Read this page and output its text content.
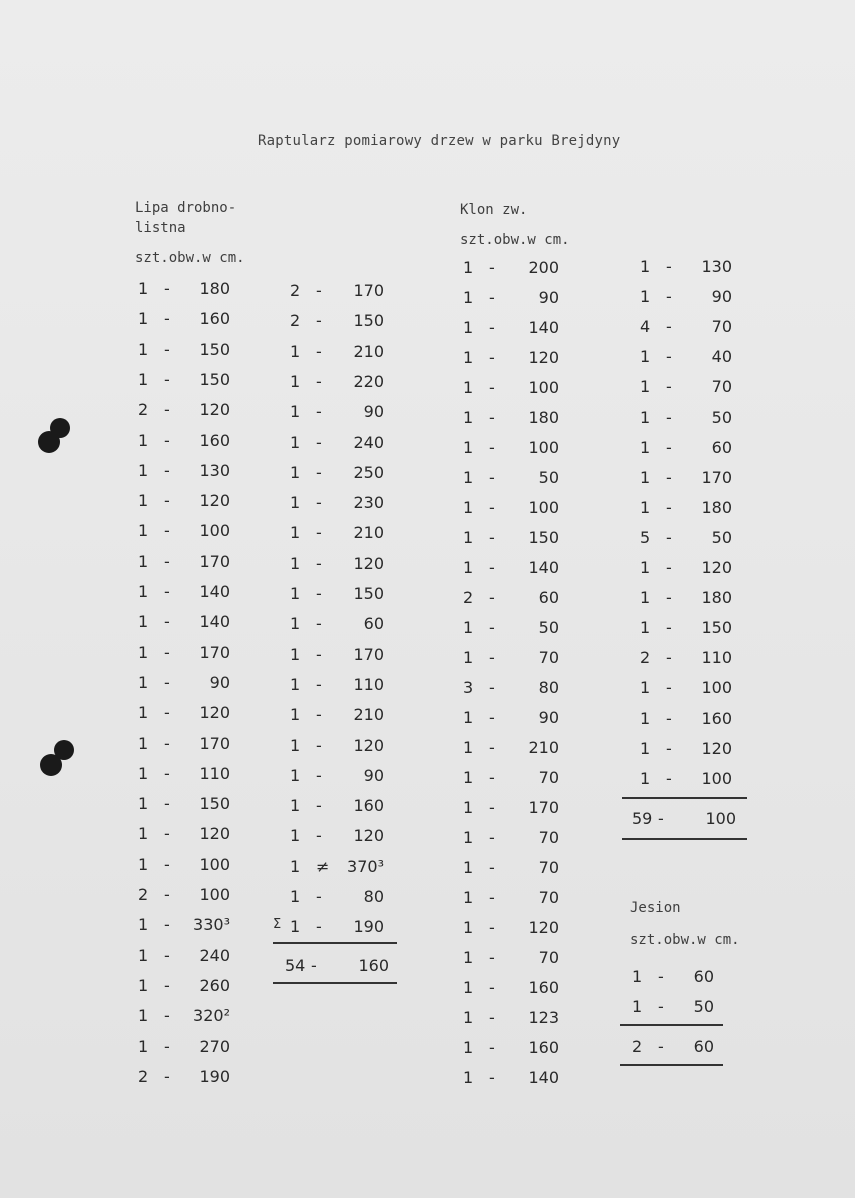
Raptularz pomiarowy drzew w parku Brejdyny
Lipa drobno-
listna
szt.obw.w cm.
Klon zw.
szt.obw.w cm.
Jesion
szt.obw.w cm.
1 - 180
1 - 160
1 - 150
1 - 150
2 - 120
1 - 160
1 - 130
1 - 120
1 - 100
1 - 170
1 - 140
1 - 140
1 - 170
1 - 90
1 - 120
1 - 170
1 - 110
1 - 150
1 - 120
1 - 100
2 - 100
1 - 330³
1 - 240
1 - 260
1 - 320²
1 - 270
2 - 190
2 - 170
2 - 150
1 - 210
1 - 220
1 -	90
1 - 240
1 - 250
1 - 230
1 - 210
1 - 120
1 - 150
1 -	60
1 - 170
1 - 110
1 - 210
1 - 120
1 -	90
1 - 160
1 - 120
1 ≠ 370³
1 -	80
1 - 190
54 -	160
1 - 200
1 -	90
1 - 140
1 - 120
1 - 100
1 - 180
1 - 100
1 -	50
1 - 100
1 - 150
1 - 140
2 -	60
1 -	50
1 -	70
3 -	80
1 -	90
1 - 210
1 -	70
1 - 170
1 -	70
1 -	70
1 -	70
1 - 120
1 -	70
1 - 160
1 - 123
1 - 160
1 - 140
1 - 130
1 - 90
4 - 70
1 - 40
1 - 70
1 - 50
1 - 60
1 - 170
1 - 180
5 - 50
1 - 120
1 - 180
1 - 150
2 - 110
1 - 100
1 - 160
1 - 120
1 - 100
59 -	100
1 - 60
1 - 50
2 - 60
Σ
